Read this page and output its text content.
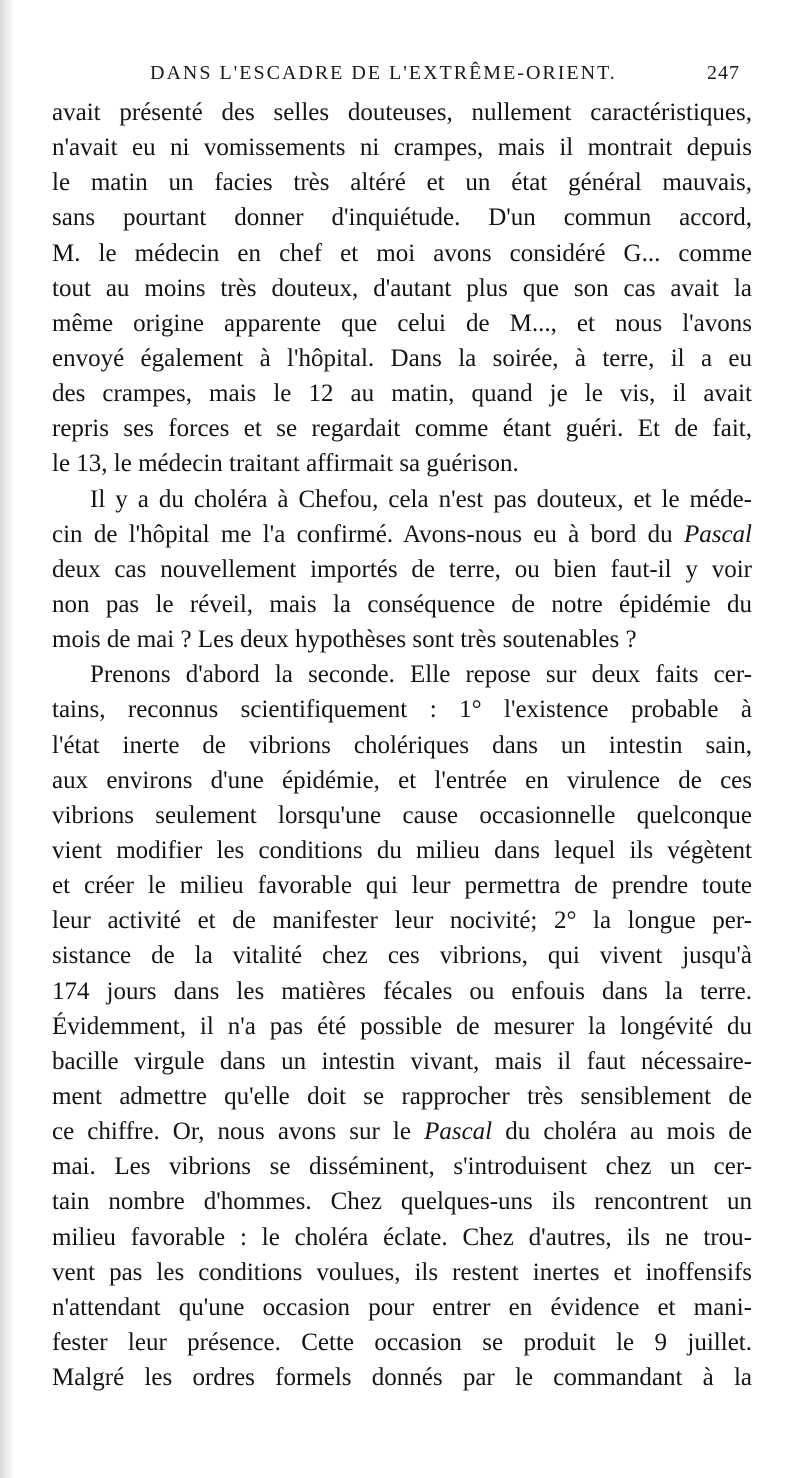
DANS L'ESCADRE DE L'EXTRÊME-ORIENT.	247
avait présenté des selles douteuses, nullement caractéristiques,
n'avait eu ni vomissements ni crampes, mais il montrait depuis
le matin un facies très altéré et un état général mauvais,
sans pourtant donner d'inquiétude. D'un commun accord,
M. le médecin en chef et moi avons considéré G... comme
tout au moins très douteux, d'autant plus que son cas avait la
même origine apparente que celui de M..., et nous l'avons
envoyé également à l'hôpital. Dans la soirée, à terre, il a eu
des crampes, mais le 12 au matin, quand je le vis, il avait
repris ses forces et se regardait comme étant guéri. Et de fait,
le 13, le médecin traitant affirmait sa guérison.
Il y a du choléra à Chefou, cela n'est pas douteux, et le méde-
cin de l'hôpital me l'a confirmé. Avons-nous eu à bord du Pascal
deux cas nouvellement importés de terre, ou bien faut-il y voir
non pas le réveil, mais la conséquence de notre épidémie du
mois de mai ? Les deux hypothèses sont très soutenables ?
Prenons d'abord la seconde. Elle repose sur deux faits cer-
tains, reconnus scientifiquement : 1° l'existence probable à
l'état inerte de vibrions cholériques dans un intestin sain,
aux environs d'une épidémie, et l'entrée en virulence de ces
vibrions seulement lorsqu'une cause occasionnelle quelconque
vient modifier les conditions du milieu dans lequel ils végètent
et créer le milieu favorable qui leur permettra de prendre toute
leur activité et de manifester leur nocivité; 2° la longue per-
sistance de la vitalité chez ces vibrions, qui vivent jusqu'à
174 jours dans les matières fécales ou enfouis dans la terre.
Évidemment, il n'a pas été possible de mesurer la longévité du
bacille virgule dans un intestin vivant, mais il faut nécessaire-
ment admettre qu'elle doit se rapprocher très sensiblement de
ce chiffre. Or, nous avons sur le Pascal du choléra au mois de
mai. Les vibrions se disséminent, s'introduisent chez un cer-
tain nombre d'hommes. Chez quelques-uns ils rencontrent un
milieu favorable : le choléra éclate. Chez d'autres, ils ne trou-
vent pas les conditions voulues, ils restent inertes et inoffensifs
n'attendant qu'une occasion pour entrer en évidence et mani-
fester leur présence. Cette occasion se produit le 9 juillet.
Malgré les ordres formels donnés par le commandant à la
